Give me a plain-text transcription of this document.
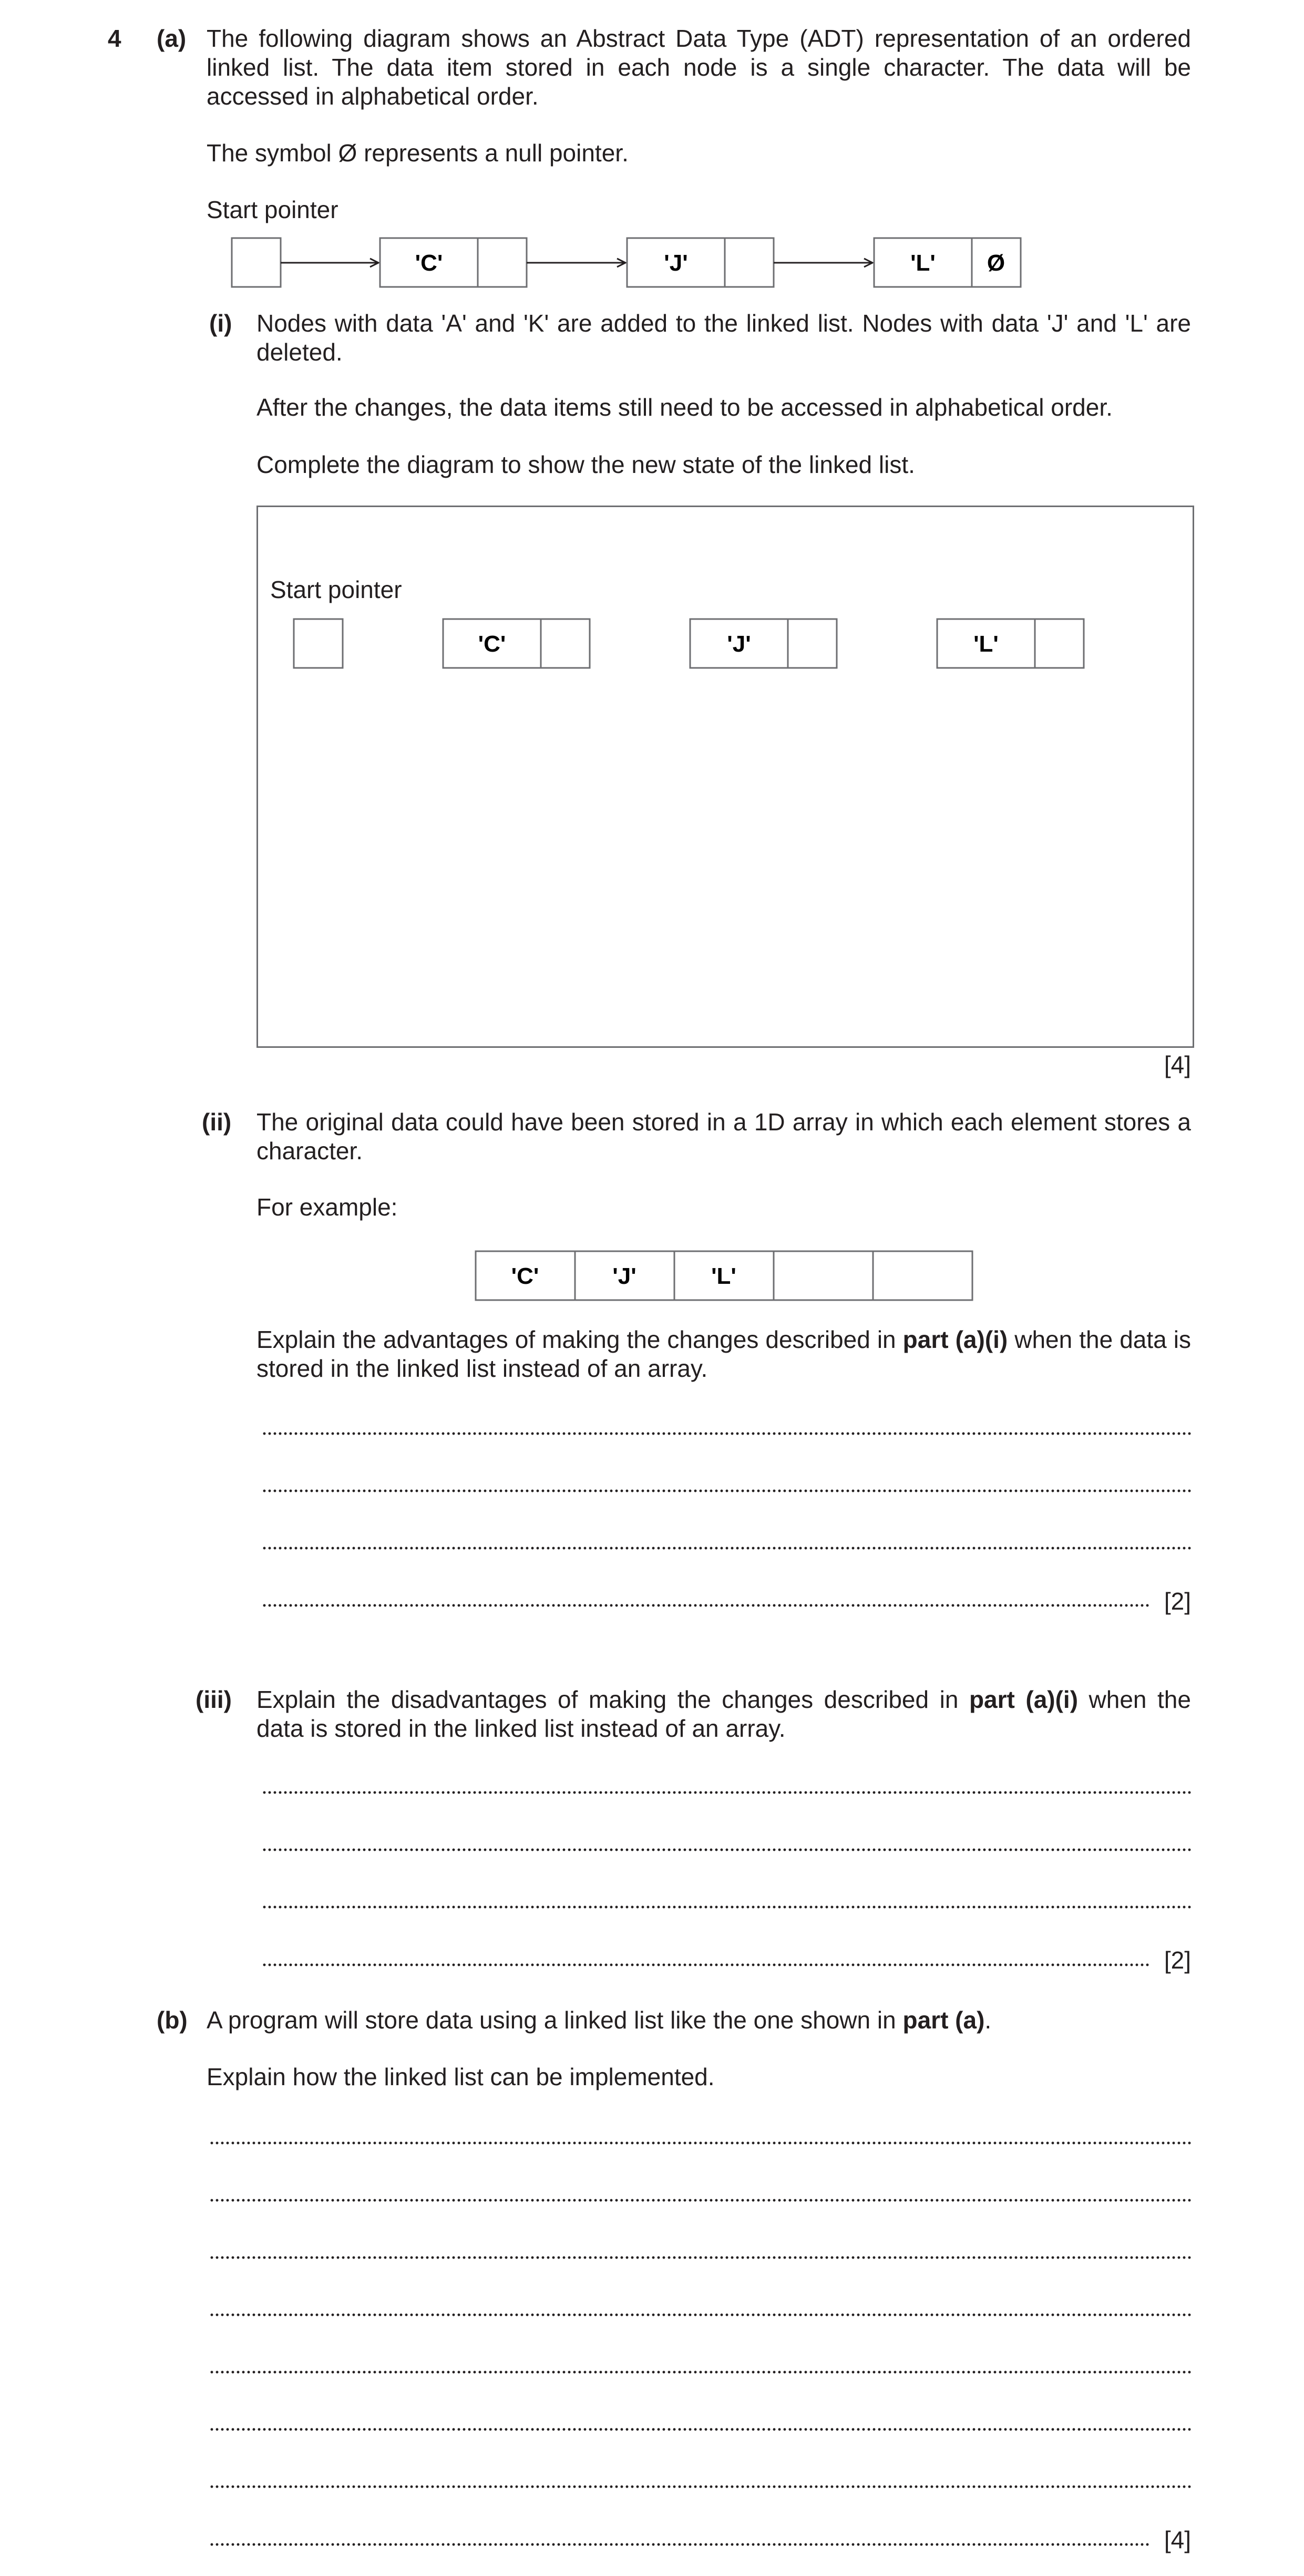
4 (a) The following diagram shows an Abstract Data Type (ADT) representation of an ordered linked list. The data item stored in each node is a single character. The data will be accessed in alphabetical order.
The symbol Ø represents a null pointer.
Start pointer
'C'	'J'	'L' Ø
(i) Nodes with data 'A' and 'K' are added to the linked list. Nodes with data 'J' and 'L' are deleted.
After the changes, the data items still need to be accessed in alphabetical order.
Complete the diagram to show the new state of the linked list.
Start pointer
'C'	'J'	'L'
[4]
(ii) The original data could have been stored in a 1D array in which each element stores a character.
For example:
'C'	'J'	'L'
Explain the advantages of making the changes described in part (a)(i) when the data is stored in the linked list instead of an array.
[2]
(iii) Explain the disadvantages of making the changes described in part (a)(i) when the data is stored in the linked list instead of an array.
[2]
(b) A program will store data using a linked list like the one shown in part (a).
Explain how the linked list can be implemented.
[4]
